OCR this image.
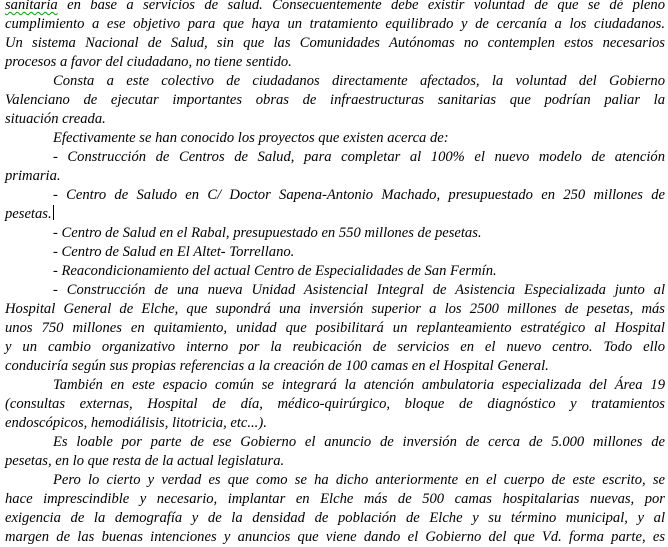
sanitaria en base a servicios de salud. Consecuentemente debe existir voluntad de que se dé pleno
cumplimiento a ese objetivo para que haya un tratamiento equilibrado y de cercanía a los ciudadanos.
Un sistema Nacional de Salud, sin que las Comunidades Autónomas no contemplen estos necesarios
procesos a favor del ciudadano, no tiene sentido.
Consta a este colectivo de ciudadanos directamente afectados, la voluntad del Gobierno
Valenciano de ejecutar importantes obras de infraestructuras sanitarias que podrían paliar la
situación creada.
Efectivamente se han conocido los proyectos que existen acerca de:
- Construcción de Centros de Salud, para completar al 100% el nuevo modelo de atención
primaria.
- Centro de Saludo en C/ Doctor Sapena-Antonio Machado, presupuestado en 250 millones de
pesetas.
- Centro de Salud en el Rabal, presupuestado en 550 millones de pesetas.
- Centro de Salud en El Altet- Torrellano.
- Reacondicionamiento del actual Centro de Especialidades de San Fermín.
- Construcción de una nueva Unidad Asistencial Integral de Asistencia Especializada junto al
Hospital General de Elche, que supondrá una inversión superior a los 2500 millones de pesetas, más
unos 750 millones en quitamiento, unidad que posibilitará un replanteamiento estratégico al Hospital
y un cambio organizativo interno por la reubicación de servicios en el nuevo centro. Todo ello
conduciría según sus propias referencias a la creación de 100 camas en el Hospital General.
También en este espacio común se integrará la atención ambulatoria especializada del Área 19
(consultas externas, Hospital de día, médico-quirúrgico, bloque de diagnóstico y tratamientos
endoscópicos, hemodiálisis, litotricia, etc...).
Es loable por parte de ese Gobierno el anuncio de inversión de cerca de 5.000 millones de
pesetas, en lo que resta de la actual legislatura.
Pero lo cierto y verdad es que como se ha dicho anteriormente en el cuerpo de este escrito, se
hace imprescindible y necesario, implantar en Elche más de 500 camas hospitalarias nuevas, por
exigencia de la demografía y de la densidad de población de Elche y su término municipal, y al
margen de las buenas intenciones y anuncios que viene dando el Gobierno del que Vd. forma parte, es
